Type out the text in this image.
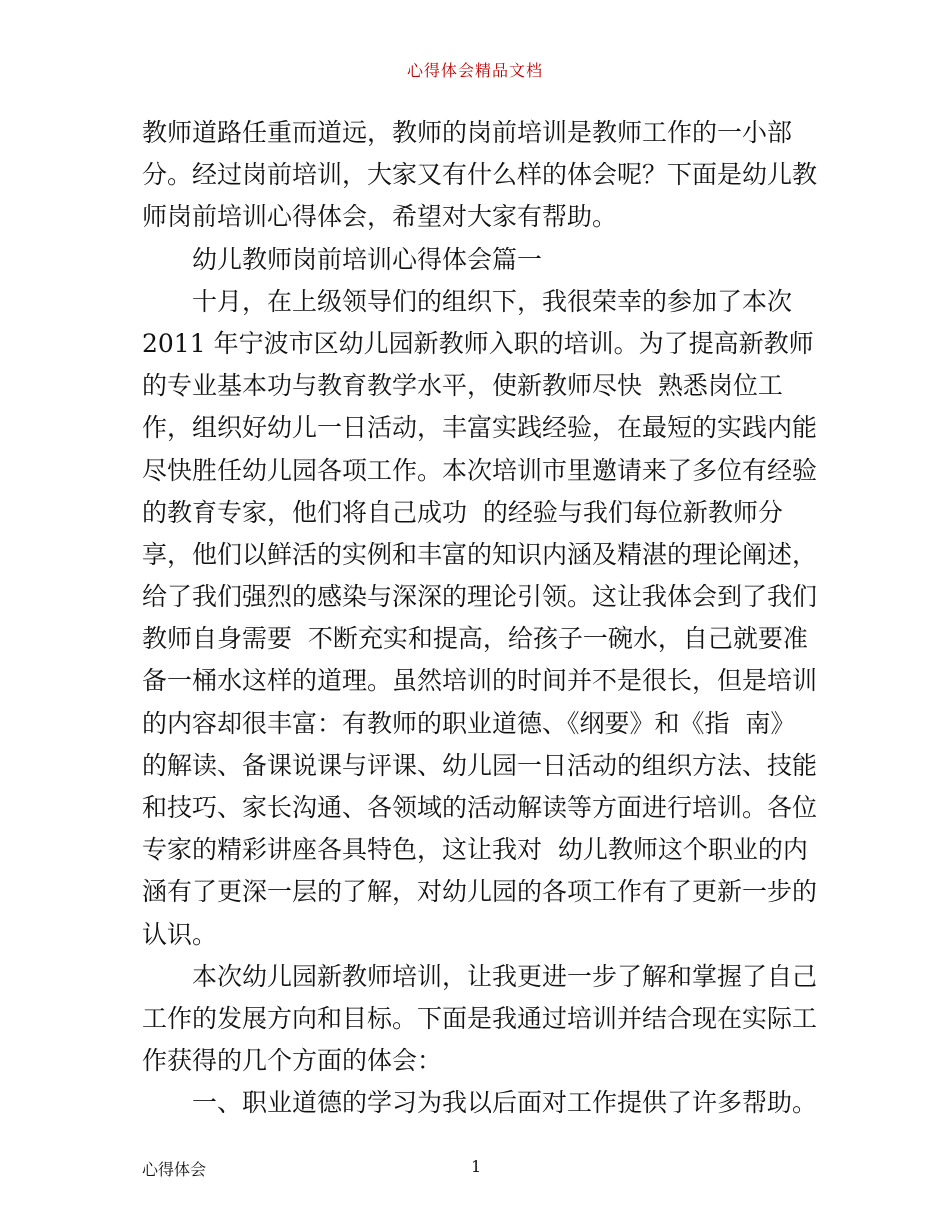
心得体会精品文档
教师道路任重而道远，教师的岗前培训是教师工作的一小部
分。经过岗前培训，大家又有什么样的体会呢？下面是幼儿教
师岗前培训心得体会，希望对大家有帮助。
幼儿教师岗前培训心得体会篇一
十月，在上级领导们的组织下，我很荣幸的参加了本次
2011 年宁波市区幼儿园新教师入职的培训。为了提高新教师
的专业基本功与教育教学水平，使新教师尽快  熟悉岗位工
作，组织好幼儿一日活动，丰富实践经验，在最短的实践内能
尽快胜任幼儿园各项工作。本次培训市里邀请来了多位有经验
的教育专家，他们将自己成功  的经验与我们每位新教师分
享，他们以鲜活的实例和丰富的知识内涵及精湛的理论阐述，
给了我们强烈的感染与深深的理论引领。这让我体会到了我们
教师自身需要  不断充实和提高，给孩子一碗水，自己就要准
备一桶水这样的道理。虽然培训的时间并不是很长，但是培训
的内容却很丰富：有教师的职业道德、《纲要》和《指  南》
的解读、备课说课与评课、幼儿园一日活动的组织方法、技能
和技巧、家长沟通、各领域的活动解读等方面进行培训。各位
专家的精彩讲座各具特色，这让我对  幼儿教师这个职业的内
涵有了更深一层的了解，对幼儿园的各项工作有了更新一步的
认识。
本次幼儿园新教师培训，让我更进一步了解和掌握了自己
工作的发展方向和目标。下面是我通过培训并结合现在实际工
作获得的几个方面的体会：
一、职业道德的学习为我以后面对工作提供了许多帮助。
心得体会	1
